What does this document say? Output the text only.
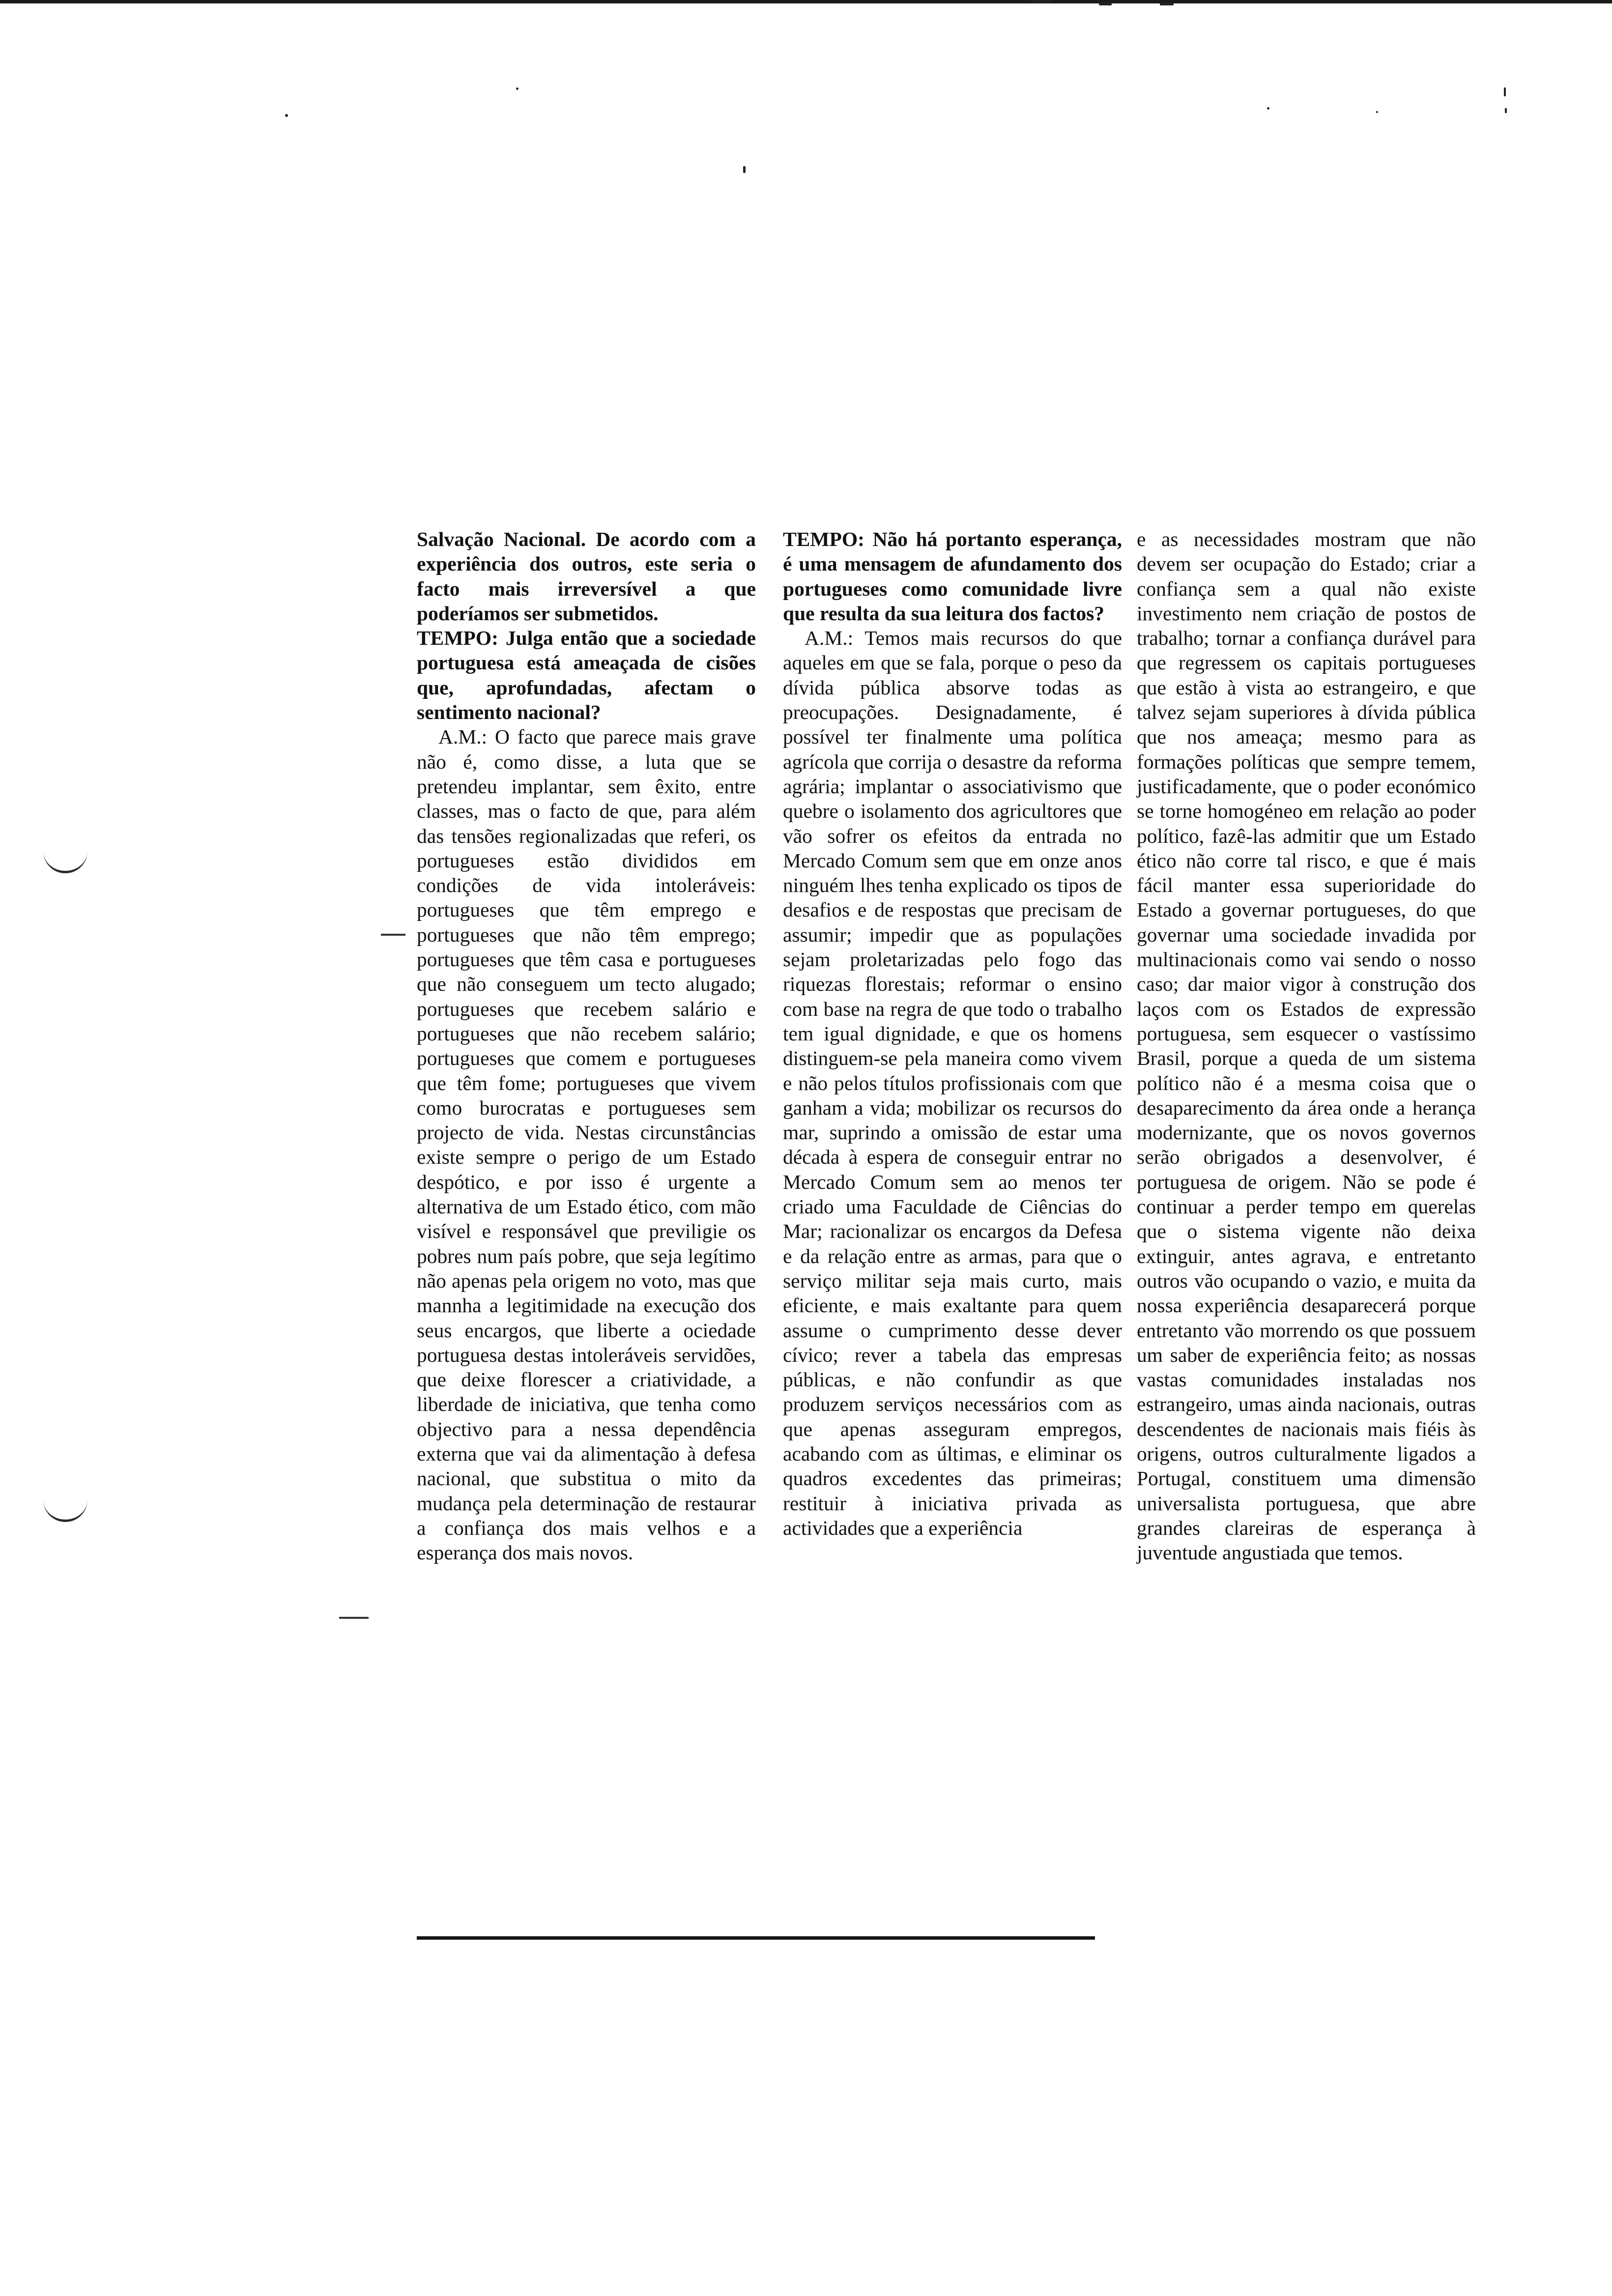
Salvação Nacional. De acordo com a experiência dos outros, este seria o facto mais irreversível a que poderíamos ser submetidos.

TEMPO: Julga então que a sociedade portuguesa está ameaçada de cisões que, aprofundadas, afectam o sentimento nacional?

A.M.: O facto que parece mais grave não é, como disse, a luta que se pretendeu implantar, sem êxito, entre classes, mas o facto de que, para além das tensões regionalizadas que referi, os portugueses estão divididos em condições de vida intoleráveis: portugueses que têm emprego e portugueses que não têm emprego; portugueses que têm casa e portugueses que não conseguem um tecto alugado; portugueses que recebem salário e portugueses que não recebem salário; portugueses que comem e portugueses que têm fome; portugueses que vivem como burocratas e portugueses sem projecto de vida. Nestas circunstâncias existe sempre o perigo de um Estado despótico, e por isso é urgente a alternativa de um Estado ético, com mão visível e responsável que previligie os pobres num país pobre, que seja legítimo não apenas pela origem no voto, mas que mannha a legitimidade na execução dos seus encargos, que liberte a ociedade portuguesa destas intoleráveis servidões, que deixe florescer a criatividade, a liberdade de iniciativa, que tenha como objectivo para a nessa dependência externa que vai da alimentação à defesa nacional, que substitua o mito da mudança pela determinação de restaurar a confiança dos mais velhos e a esperança dos mais novos.

TEMPO: Não há portanto esperança, é uma mensagem de afundamento dos portugueses como comunidade livre que resulta da sua leitura dos factos?

A.M.: Temos mais recursos do que aqueles em que se fala, porque o peso da dívida pública absorve todas as preocupações. Designadamente, é possível ter finalmente uma política agrícola que corrija o desastre da reforma agrária; implantar o associativismo que quebre o isolamento dos agricultores que vão sofrer os efeitos da entrada no Mercado Comum sem que em onze anos ninguém lhes tenha explicado os tipos de desafios e de respostas que precisam de assumir; impedir que as populações sejam proletarizadas pelo fogo das riquezas florestais; reformar o ensino com base na regra de que todo o trabalho tem igual dignidade, e que os homens distinguem-se pela maneira como vivem e não pelos títulos profissionais com que ganham a vida; mobilizar os recursos do mar, suprindo a omissão de estar uma década à espera de conseguir entrar no Mercado Comum sem ao menos ter criado uma Faculdade de Ciências do Mar; racionalizar os encargos da Defesa e da relação entre as armas, para que o serviço militar seja mais curto, mais eficiente, e mais exaltante para quem assume o cumprimento desse dever cívico; rever a tabela das empresas públicas, e não confundir as que produzem serviços necessários com as que apenas asseguram empregos, acabando com as últimas, e eliminar os quadros excedentes das primeiras; restituir à iniciativa privada as actividades que a experiência

e as necessidades mostram que não devem ser ocupação do Estado; criar a confiança sem a qual não existe investimento nem criação de postos de trabalho; tornar a confiança durável para que regressem os capitais portugueses que estão à vista ao estrangeiro, e que talvez sejam superiores à dívida pública que nos ameaça; mesmo para as formações políticas que sempre temem, justificadamente, que o poder económico se torne homogéneo em relação ao poder político, fazê-las admitir que um Estado ético não corre tal risco, e que é mais fácil manter essa superioridade do Estado a governar portugueses, do que governar uma sociedade invadida por multinacionais como vai sendo o nosso caso; dar maior vigor à construção dos laços com os Estados de expressão portuguesa, sem esquecer o vastíssimo Brasil, porque a queda de um sistema político não é a mesma coisa que o desaparecimento da área onde a herança modernizante, que os novos governos serão obrigados a desenvolver, é portuguesa de origem. Não se pode é continuar a perder tempo em querelas que o sistema vigente não deixa extinguir, antes agrava, e entretanto outros vão ocupando o vazio, e muita da nossa experiência desaparecerá porque entretanto vão morrendo os que possuem um saber de experiência feito; as nossas vastas comunidades instaladas nos estrangeiro, umas ainda nacionais, outras descendentes de nacionais mais fiéis às origens, outros culturalmente ligados a Portugal, constituem uma dimensão universalista portuguesa, que abre grandes clareiras de esperança à juventude angustiada que temos.
